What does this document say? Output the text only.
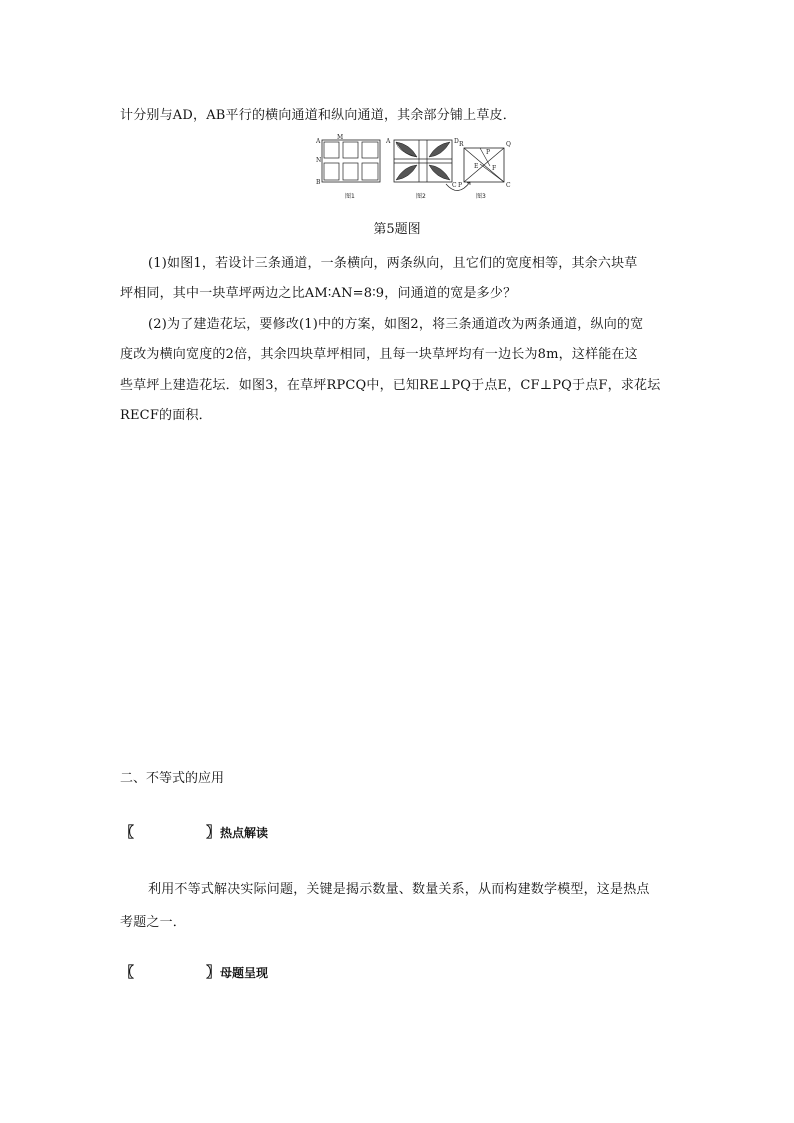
计分别与AD，AB平行的横向通道和纵向通道，其余部分铺上草皮．
A
M
N
B
图1
A	D
C
图2
R
P
Q
E F
C
P
图3
第5题图
(1)如图1，若设计三条通道，一条横向，两条纵向，且它们的宽度相等，其余六块草
坪相同，其中一块草坪两边之比AM∶AN=8∶9，问通道的宽是多少？
(2)为了建造花坛，要修改(1)中的方案，如图2，将三条通道改为两条通道，纵向的宽
度改为横向宽度的2倍，其余四块草坪相同，且每一块草坪均有一边长为8m，这样能在这
些草坪上建造花坛．如图3，在草坪RPCQ中，已知RE⊥PQ于点E，CF⊥PQ于点F，求花坛
RECF的面积．
二、不等式的应用
〖	〗热点解读
利用不等式解决实际问题，关键是揭示数量、数量关系，从而构建数学模型，这是热点
考题之一．
〖	〗母题呈现
